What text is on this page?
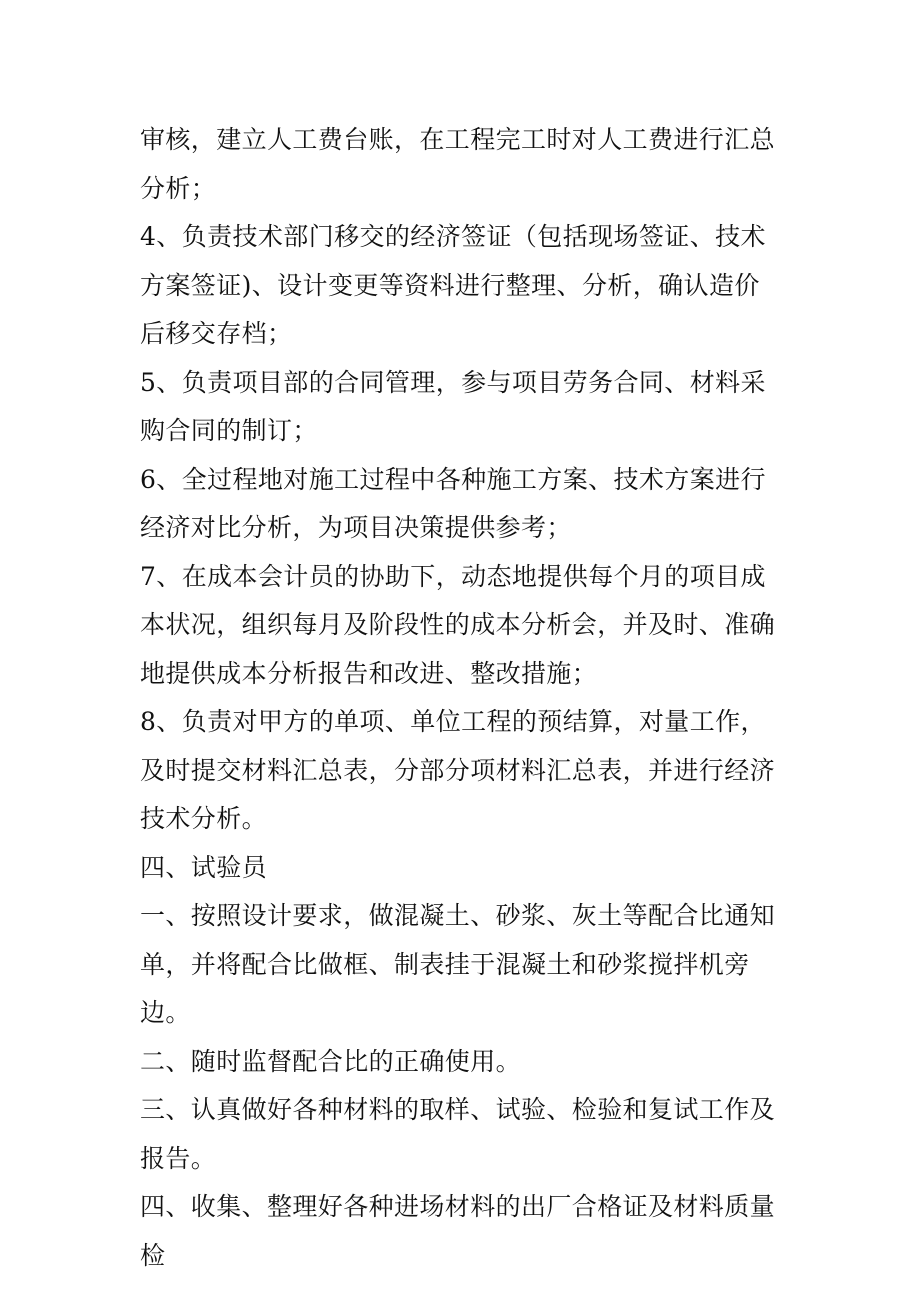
审核，建立人工费台账，在工程完工时对人工费进行汇总分析；

4、负责技术部门移交的经济签证（包括现场签证、技术方案签证)、设计变更等资料进行整理、分析，确认造价后移交存档；

5、负责项目部的合同管理，参与项目劳务合同、材料采购合同的制订；

6、全过程地对施工过程中各种施工方案、技术方案进行经济对比分析，为项目决策提供参考；

7、在成本会计员的协助下，动态地提供每个月的项目成本状况，组织每月及阶段性的成本分析会，并及时、准确地提供成本分析报告和改进、整改措施；

8、负责对甲方的单项、单位工程的预结算，对量工作，及时提交材料汇总表，分部分项材料汇总表，并进行经济技术分析。

四、试验员

一、按照设计要求，做混凝土、砂浆、灰土等配合比通知单，并将配合比做框、制表挂于混凝土和砂浆搅拌机旁边。

二、随时监督配合比的正确使用。

三、认真做好各种材料的取样、试验、检验和复试工作及报告。

四、收集、整理好各种进场材料的出厂合格证及材料质量检
